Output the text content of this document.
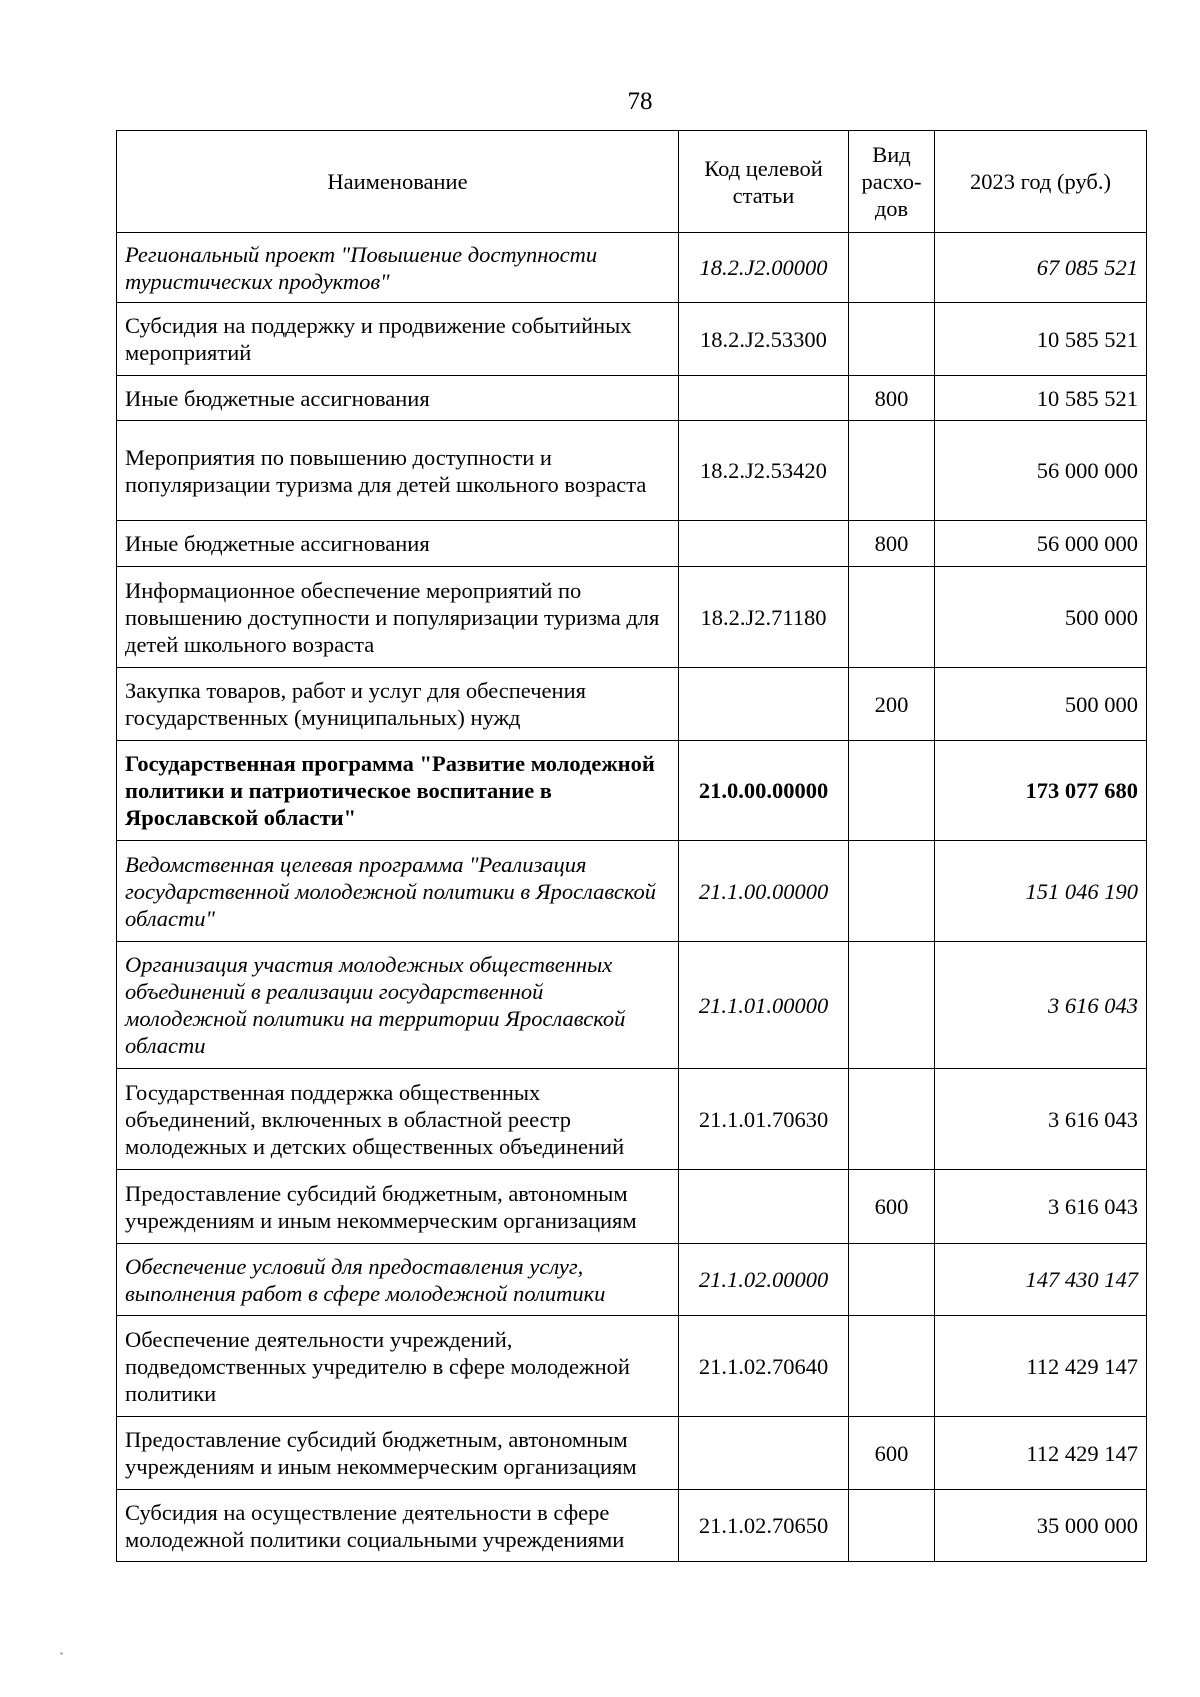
78
Наименование	Код целевой статьи	Вид расхо-дов	2023 год (руб.)
Региональный проект "Повышение доступности туристических продуктов"	18.2.J2.00000		67 085 521
Субсидия на поддержку и продвижение событийных мероприятий	18.2.J2.53300		10 585 521
Иные бюджетные ассигнования		800	10 585 521
Мероприятия по повышению доступности и популяризации туризма для детей школьного возраста	18.2.J2.53420		56 000 000
Иные бюджетные ассигнования		800	56 000 000
Информационное обеспечение мероприятий по повышению доступности и популяризации туризма для детей школьного возраста	18.2.J2.71180		500 000
Закупка товаров, работ и услуг для обеспечения государственных (муниципальных) нужд		200	500 000
Государственная программа "Развитие молодежной политики и патриотическое воспитание в Ярославской области"	21.0.00.00000		173 077 680
Ведомственная целевая программа "Реализация государственной молодежной политики в Ярославской области"	21.1.00.00000		151 046 190
Организация участия молодежных общественных объединений в реализации государственной молодежной политики на территории Ярославской области	21.1.01.00000		3 616 043
Государственная поддержка общественных объединений, включенных в областной реестр молодежных и детских общественных объединений	21.1.01.70630		3 616 043
Предоставление субсидий бюджетным, автономным учреждениям и иным некоммерческим организациям		600	3 616 043
Обеспечение условий для предоставления услуг, выполнения работ в сфере молодежной политики	21.1.02.00000		147 430 147
Обеспечение деятельности учреждений, подведомственных учредителю в сфере молодежной политики	21.1.02.70640		112 429 147
Предоставление субсидий бюджетным, автономным учреждениям и иным некоммерческим организациям		600	112 429 147
Субсидия на осуществление деятельности в сфере молодежной политики социальными учреждениями	21.1.02.70650		35 000 000
